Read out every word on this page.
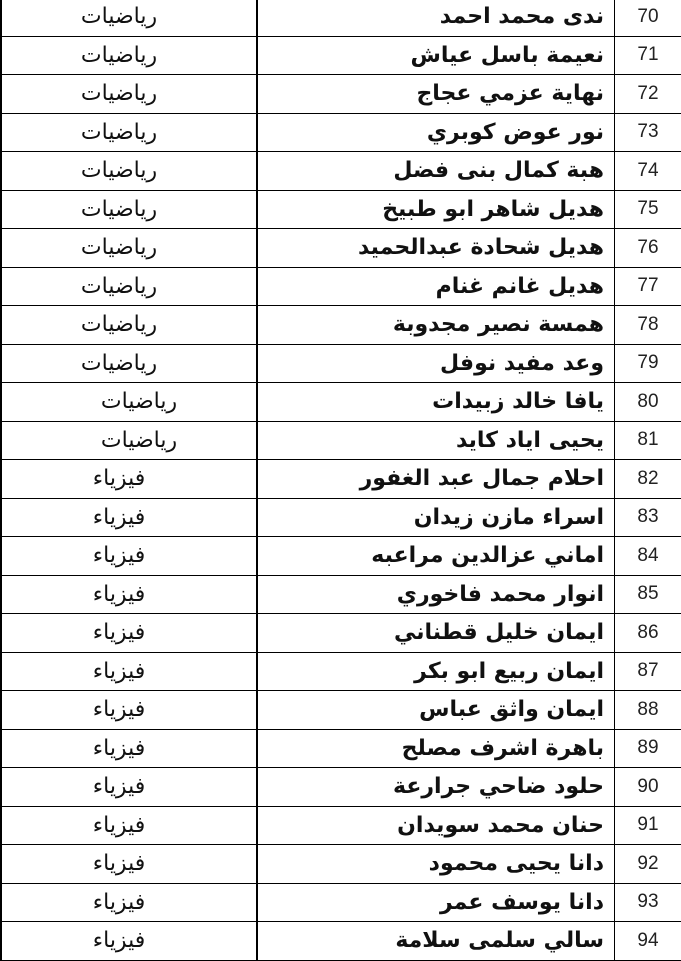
رياضيات	ندى محمد احمد	70
رياضيات	نعيمة باسل عياش	71
رياضيات	نهاية عزمي عجاج	72
رياضيات	نور عوض كوبري	73
رياضيات	هبة كمال بنى فضل	74
رياضيات	هديل شاهر ابو طبيخ	75
رياضيات	هديل شحادة عبدالحميد	76
رياضيات	هديل غانم غنام	77
رياضيات	همسة نصير مجدوبة	78
رياضيات	وعد مفيد نوفل	79
رياضيات	يافا خالد زبيدات	80
رياضيات	يحيى اياد كايد	81
فيزياء	احلام جمال عبد الغفور	82
فيزياء	اسراء مازن زيدان	83
فيزياء	اماني عزالدين مراعبه	84
فيزياء	انوار محمد فاخوري	85
فيزياء	ايمان خليل قطناني	86
فيزياء	ايمان ربيع ابو بكر	87
فيزياء	ايمان واثق عباس	88
فيزياء	باهرة اشرف مصلح	89
فيزياء	حلود ضاحي جرارعة	90
فيزياء	حنان محمد سويدان	91
فيزياء	دانا يحيى محمود	92
فيزياء	دانا يوسف عمر	93
فيزياء	سالي سلمى سلامة	94
